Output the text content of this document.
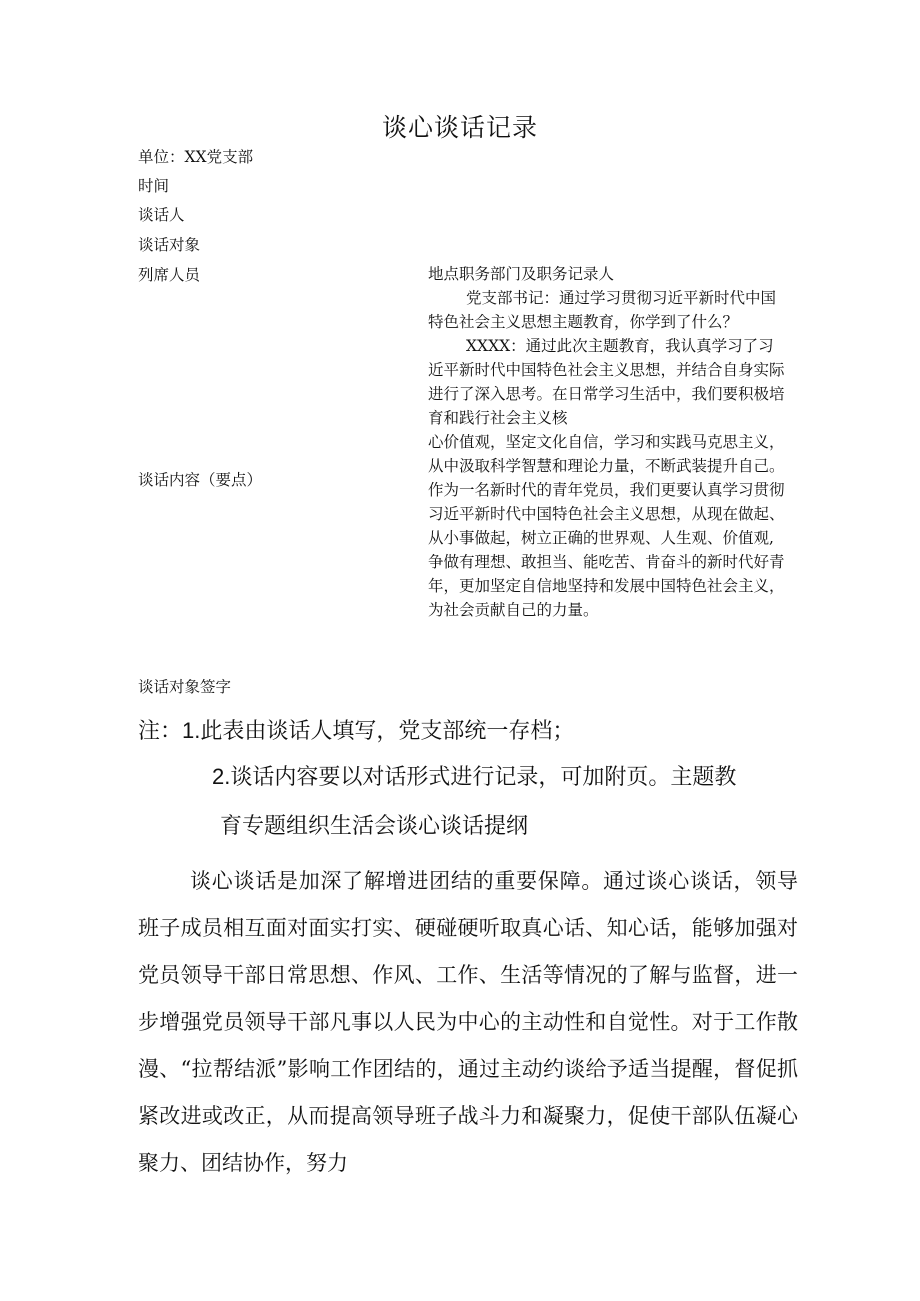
谈心谈话记录
单位：XX党支部
时间
谈话人
谈话对象
列席人员
谈话内容（要点）
谈话对象签字

地点职务部门及职务记录人

党支部书记：通过学习贯彻习近平新时代中国特色社会主义思想主题教育，你学到了什么？

XXXX：通过此次主题教育，我认真学习了习近平新时代中国特色社会主义思想，并结合自身实际进行了深入思考。在日常学习生活中，我们要积极培育和践行社会主义核

心价值观，坚定文化自信，学习和实践马克思主义，从中汲取科学智慧和理论力量，不断武装提升自己。作为一名新时代的青年党员，我们更要认真学习贯彻习近平新时代中国特色社会主义思想，从现在做起、从小事做起，树立正确的世界观、人生观、价值观,争做有理想、敢担当、能吃苦、肯奋斗的新时代好青年，更加坚定自信地坚持和发展中国特色社会主义，为社会贡献自己的力量。

注：1.此表由谈话人填写，党支部统一存档；
2.谈话内容要以对话形式进行记录，可加附页。主题教
育专题组织生活会谈心谈话提纲

谈心谈话是加深了解增进团结的重要保障。通过谈心谈话，领导班子成员相互面对面实打实、硬碰硬听取真心话、知心话，能够加强对党员领导干部日常思想、作风、工作、生活等情况的了解与监督，进一步增强党员领导干部凡事以人民为中心的主动性和自觉性。对于工作散漫、“拉帮结派”影响工作团结的，通过主动约谈给予适当提醒，督促抓紧改进或改正，从而提高领导班子战斗力和凝聚力，促使干部队伍凝心聚力、团结协作，努力
